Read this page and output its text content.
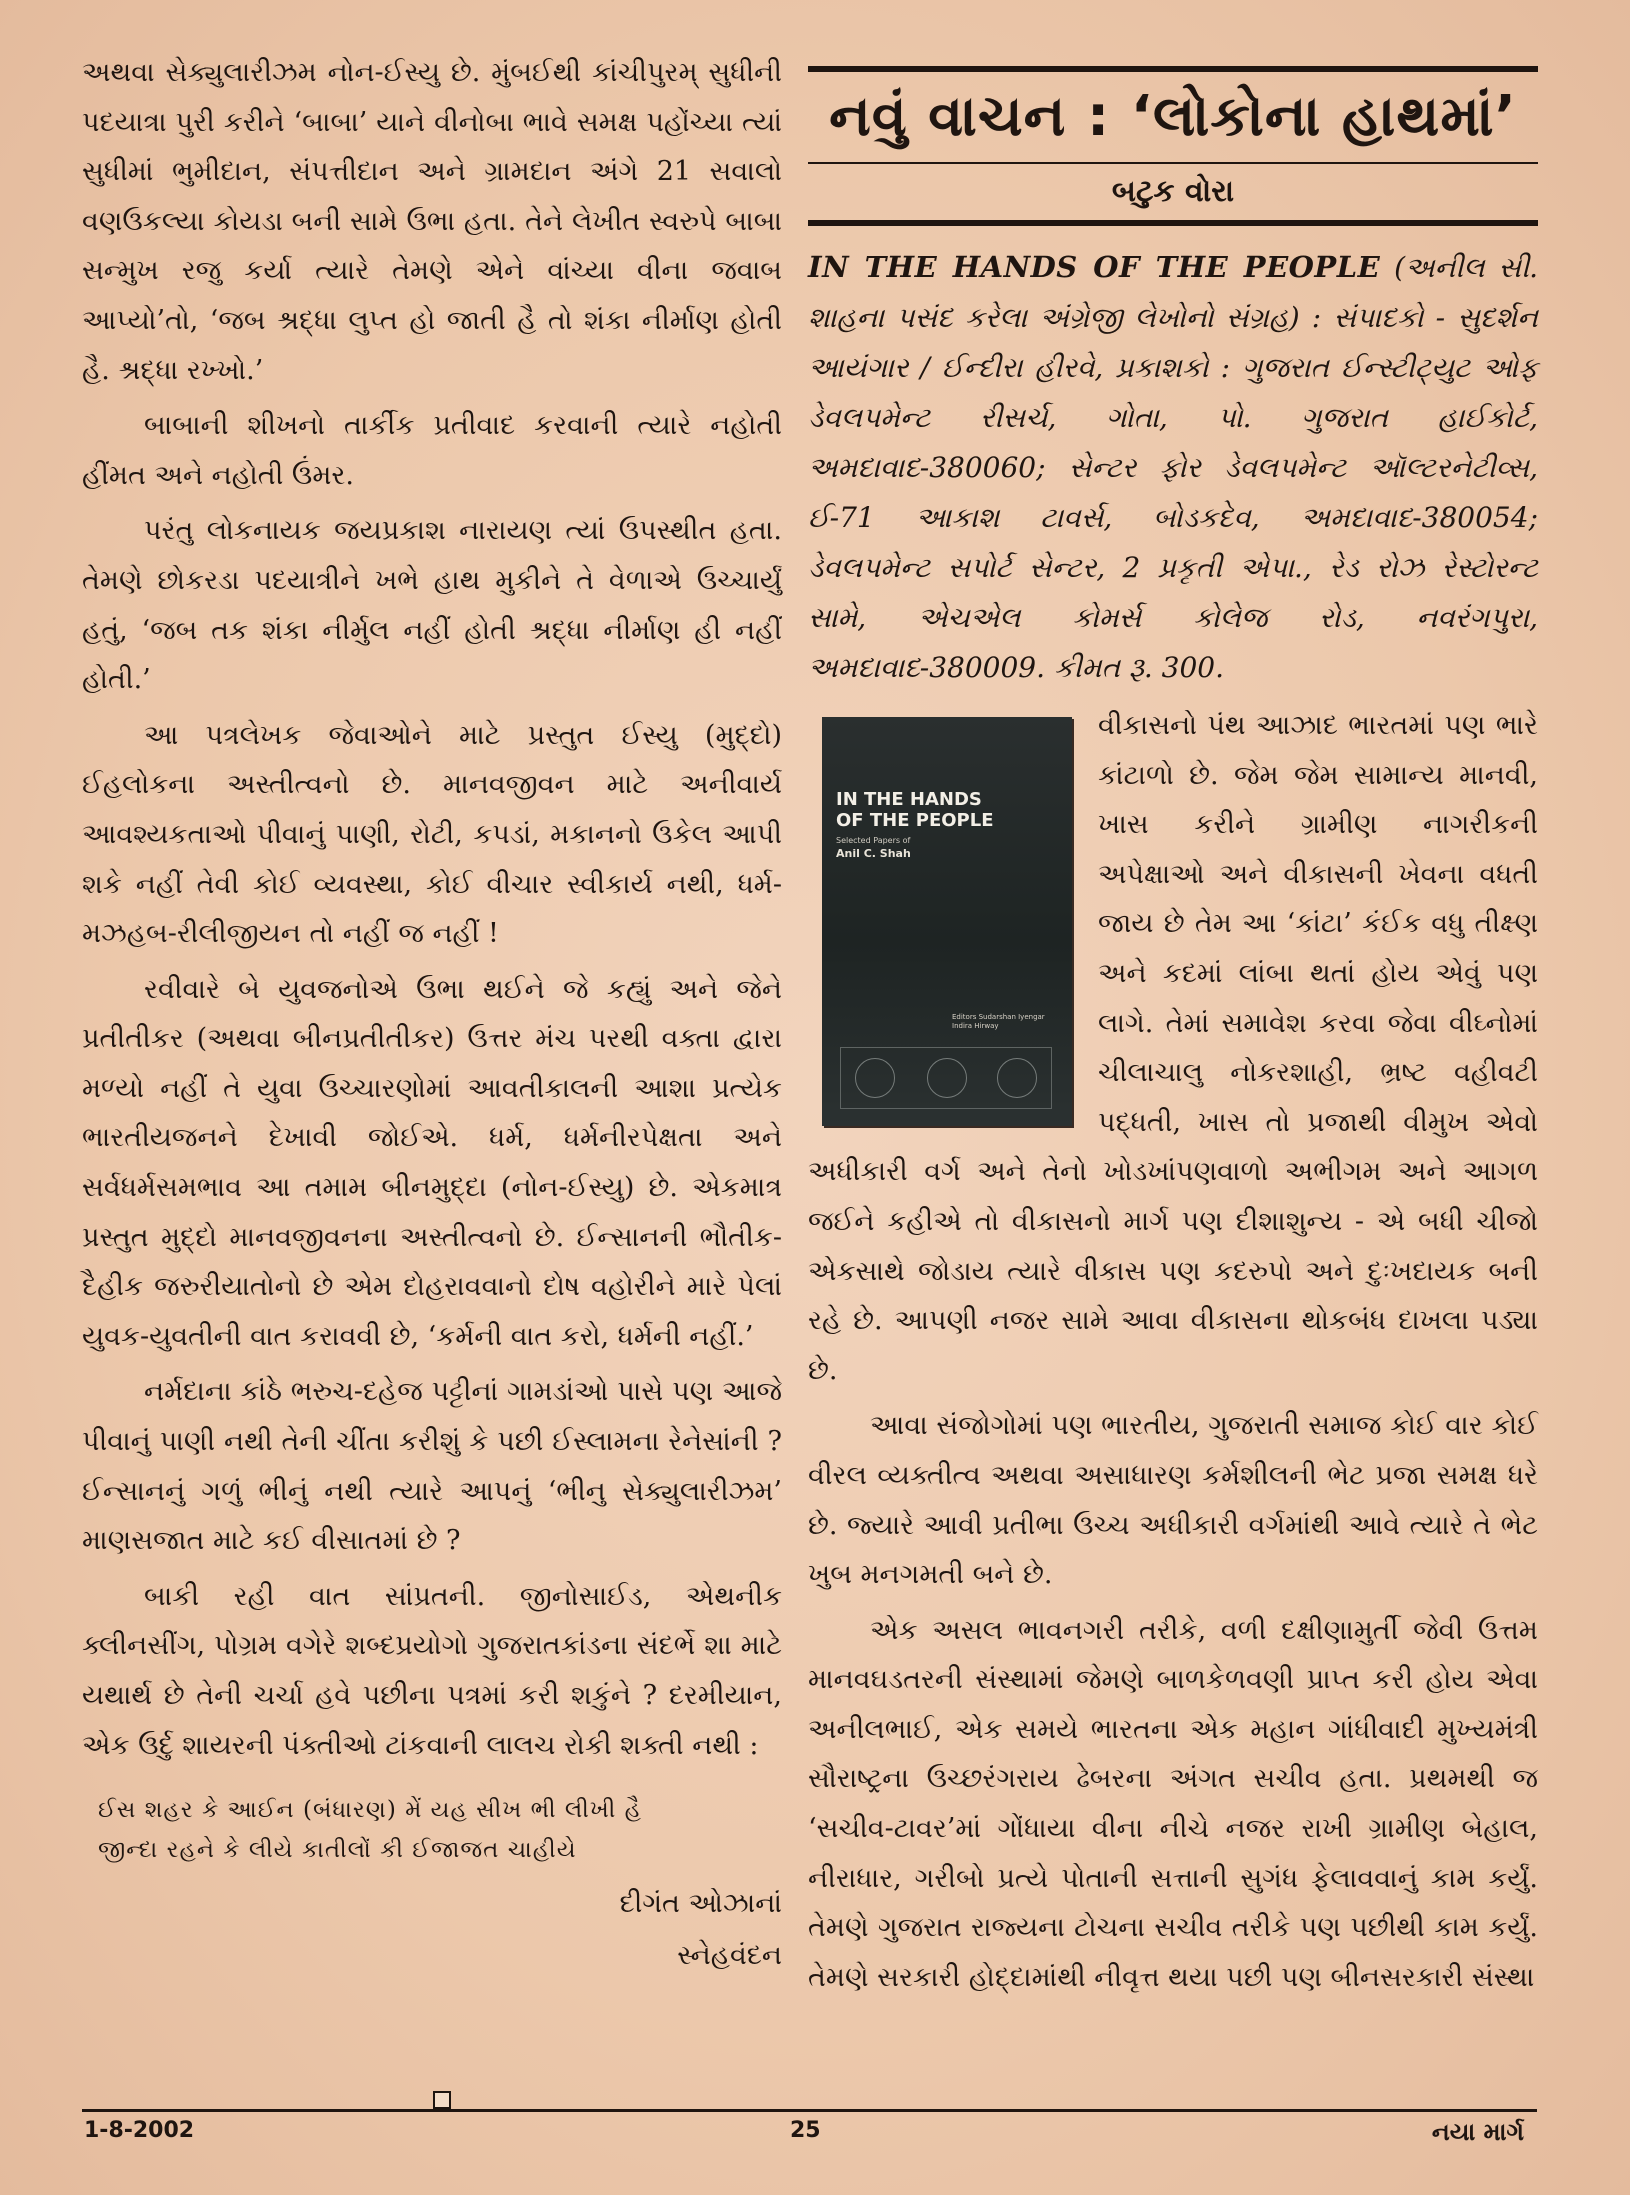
અથવા સેક્યુલારીઝમ નોન-ઈસ્યુ છે. મુંબઈથી કાંચીપુરમ્ સુધીની પદયાત્રા પુરી કરીને ‘બાબા’ યાને વીનોબા ભાવે સમક્ષ પહોંચ્યા ત્યાં સુધીમાં ભુમીદાન, સંપત્તીદાન અને ગ્રામદાન અંગે 21 સવાલો વણઉકલ્યા કોયડા બની સામે ઉભા હતા. તેને લેખીત સ્વરુપે બાબા સન્મુખ રજુ કર્યા ત્યારે તેમણે એને વાંચ્યા વીના જવાબ આપ્યો’તો, ‘જબ શ્રદ્ધા લુપ્ત હો જાતી હૈ તો શંકા નીર્માણ હોતી હૈ. શ્રદ્ધા રખ્ખો.’

બાબાની શીખનો તાર્કીક પ્રતીવાદ કરવાની ત્યારે નહોતી હીંમત અને નહોતી ઉંમર.

પરંતુ લોકનાયક જયપ્રકાશ નારાયણ ત્યાં ઉપસ્થીત હતા. તેમણે છોકરડા પદયાત્રીને ખભે હાથ મુકીને તે વેળાએ ઉચ્ચાર્યું હતું, ‘જબ તક શંકા નીર્મુલ નહીં હોતી શ્રદ્ધા નીર્માણ હી નહીં હોતી.’

આ પત્રલેખક જેવાઓને માટે પ્રસ્તુત ઈસ્યુ (મુદ્દો) ઈહલોકના અસ્તીત્વનો છે. માનવજીવન માટે અનીવાર્ય આવશ્યકતાઓ પીવાનું પાણી, રોટી, કપડાં, મકાનનો ઉકેલ આપી શકે નહીં તેવી કોઈ વ્યવસ્થા, કોઈ વીચાર સ્વીકાર્ય નથી, ધર્મ-મઝહબ-રીલીજીયન તો નહીં જ નહીં !

રવીવારે બે યુવજનોએ ઉભા થઈને જે કહ્યું અને જેને પ્રતીતીકર (અથવા બીનપ્રતીતીકર) ઉત્તર મંચ પરથી વક્તા દ્વારા મળ્યો નહીં તે યુવા ઉચ્ચારણોમાં આવતીકાલની આશા પ્રત્યેક ભારતીયજનને દેખાવી જોઈએ. ધર્મ, ધર્મનીરપેક્ષતા અને સર્વધર્મસમભાવ આ તમામ બીનમુદ્દા (નોન-ઈસ્યુ) છે. એકમાત્ર પ્રસ્તુત મુદ્દો માનવજીવનના અસ્તીત્વનો છે. ઈન્સાનની ભૌતીક-દૈહીક જરુરીયાતોનો છે એમ દોહરાવવાનો દોષ વહોરીને મારે પેલાં યુવક-યુવતીની વાત કરાવવી છે, ‘કર્મની વાત કરો, ધર્મની નહીં.’

નર્મદાના કાંઠે ભરુચ-દહેજ પટ્ટીનાં ગામડાંઓ પાસે પણ આજે પીવાનું પાણી નથી તેની ચીંતા કરીશું કે પછી ઈસ્લામના રેનેસાંની ? ઈન્સાનનું ગળું ભીનું નથી ત્યારે આપનું ‘ભીનુ સેક્યુલારીઝમ’ માણસજાત માટે કઈ વીસાતમાં છે ?

બાકી રહી વાત સાંપ્રતની. જીનોસાઈડ, એથનીક ક્લીનસીંગ, પોગ્રમ વગેરે શબ્દપ્રયોગો ગુજરાતકાંડના સંદર્ભે શા માટે યથાર્થ છે તેની ચર્ચા હવે પછીના પત્રમાં કરી શકુંને ? દરમીયાન, એક ઉર્દુ શાયરની પંક્તીઓ ટાંકવાની લાલચ રોકી શક્તી નથી :

ઈસ શહર કે આઈન (બંધારણ) મેં યહ સીખ ભી લીખી હૈ
જીન્દા રહને કે લીયે કાતીલોં કી ઈજાજત ચાહીયે
દીગંત ઓઝાનાં
સ્નેહવંદન
નવું વાચન : ‘લોકોના હાથમાં’
બટુક વોરા

IN THE HANDS OF THE PEOPLE (અનીલ સી. શાહના પસંદ કરેલા અંગ્રેજી લેખોનો સંગ્રહ) : સંપાદકો - સુદર્શન આયંગાર / ઈન્દીરા હીરવે, પ્રકાશકો : ગુજરાત ઈન્સ્ટીટ્યુટ ઓફ ડેવલપમેન્ટ રીસર્ચ, ગોતા, પો. ગુજરાત હાઈકોર્ટ, અમદાવાદ-380060; સેન્ટર ફોર ડેવલપમેન્ટ ઑલ્ટરનેટીવ્સ, ઈ-71 આકાશ ટાવર્સ, બોડકદેવ, અમદાવાદ-380054; ડેવલપમેન્ટ સપોર્ટ સેન્ટર, 2 પ્રકૃતી એપા., રેડ રોઝ રેસ્ટોરન્ટ સામે, એચએલ કોમર્સ કોલેજ રોડ, નવરંગપુરા, અમદાવાદ-380009. કીમત રૂ. 300.

IN THE HANDS
OF THE PEOPLE
Selected Papers of
Anil C. Shah
Editors Sudarshan Iyengar Indira Hirway

વીકાસનો પંથ આઝાદ ભારતમાં પણ ભારે કાંટાળો છે. જેમ જેમ સામાન્ય માનવી, ખાસ કરીને ગ્રામીણ નાગરીકની અપેક્ષાઓ અને વીકાસની ખેવના વધતી જાય છે તેમ આ ‘કાંટા’ કંઈક વધુ તીક્ષ્ણ અને કદમાં લાંબા થતાં હોય એવું પણ લાગે. તેમાં સમાવેશ કરવા જેવા વીઘ્નોમાં ચીલાચાલુ નોકરશાહી, ભ્રષ્ટ વહીવટી પદ્ધતી, ખાસ તો પ્રજાથી વીમુખ એવો અધીકારી વર્ગ અને તેનો ખોડખાંપણવાળો અભીગમ અને આગળ જઈને કહીએ તો વીકાસનો માર્ગ પણ દીશાશુન્ય - એ બધી ચીજો એકસાથે જોડાય ત્યારે વીકાસ પણ કદરુપો અને દુઃખદાયક બની રહે છે. આપણી નજર સામે આવા વીકાસના થોકબંધ દાખલા પડ્યા છે.

આવા સંજોગોમાં પણ ભારતીય, ગુજરાતી સમાજ કોઈ વાર કોઈ વીરલ વ્યક્તીત્વ અથવા અસાધારણ કર્મશીલની ભેટ પ્રજા સમક્ષ ધરે છે. જ્યારે આવી પ્રતીભા ઉચ્ચ અધીકારી વર્ગમાંથી આવે ત્યારે તે ભેટ ખુબ મનગમતી બને છે.

એક અસલ ભાવનગરી તરીકે, વળી દક્ષીણામુર્તી જેવી ઉત્તમ માનવઘડતરની સંસ્થામાં જેમણે બાળકેળવણી પ્રાપ્ત કરી હોય એવા અનીલભાઈ, એક સમયે ભારતના એક મહાન ગાંધીવાદી મુખ્યમંત્રી સૌરાષ્ટ્રના ઉચ્છરંગરાય ઢેબરના અંગત સચીવ હતા. પ્રથમથી જ ‘સચીવ-ટાવર’માં ગોંધાયા વીના નીચે નજર રાખી ગ્રામીણ બેહાલ, નીરાધાર, ગરીબો પ્રત્યે પોતાની સત્તાની સુગંધ ફેલાવવાનું કામ કર્યું. તેમણે ગુજરાત રાજ્યના ટોચના સચીવ તરીકે પણ પછીથી કામ કર્યું. તેમણે સરકારી હોદ્દામાંથી નીવૃત્ત થયા પછી પણ બીનસરકારી સંસ્થા

1-8-2002	25	નયા માર્ગ
